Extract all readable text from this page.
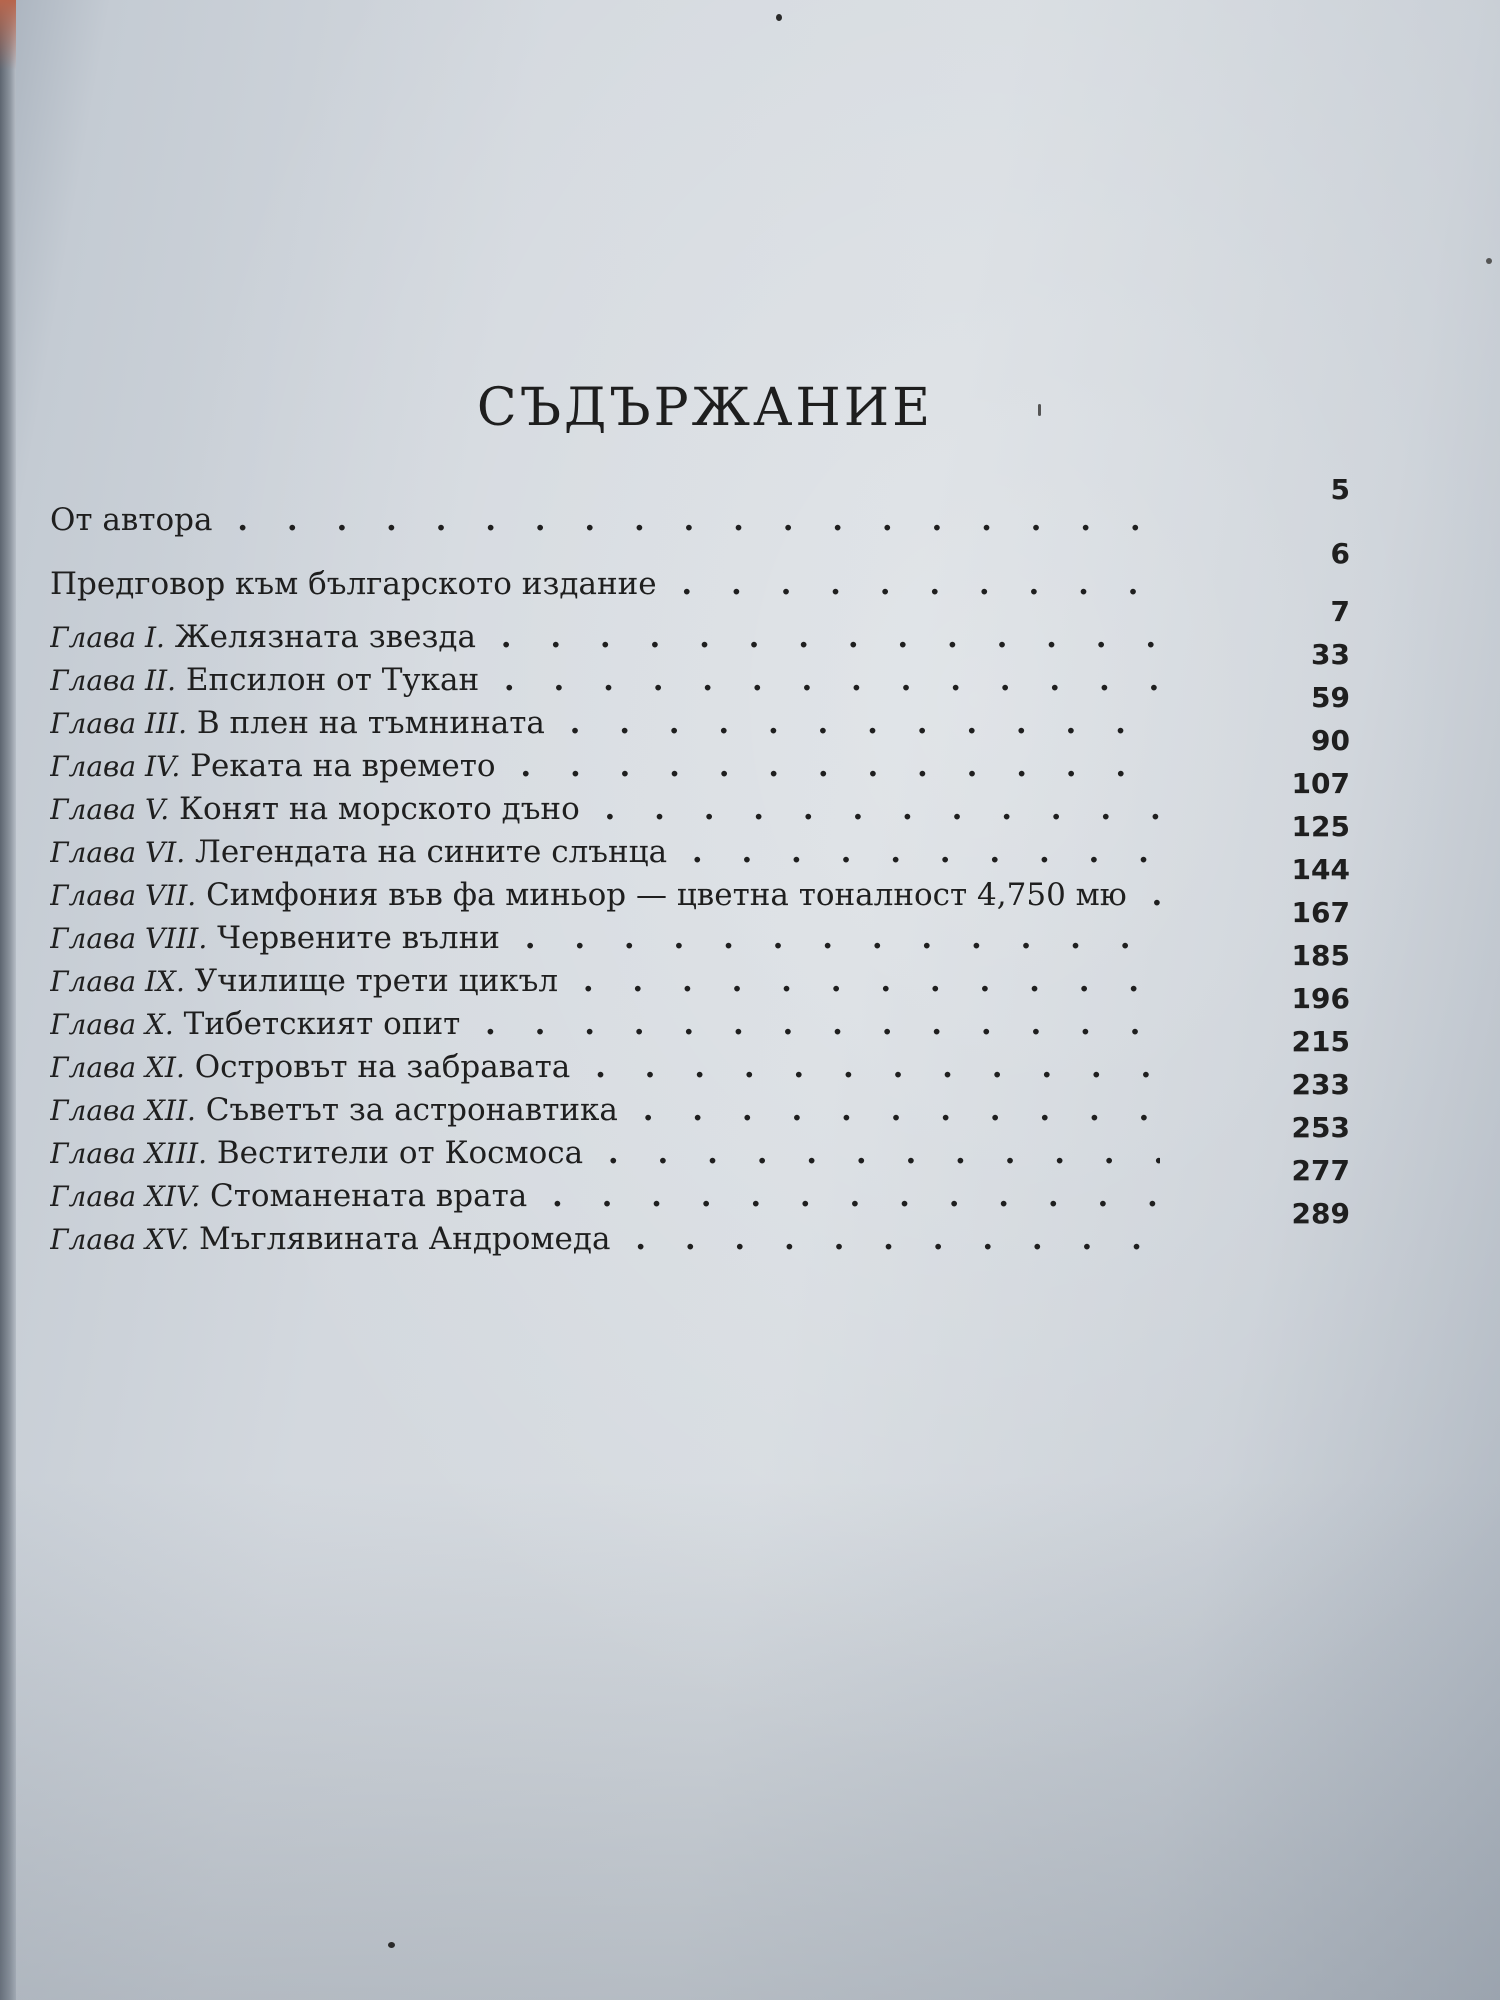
СЪДЪРЖАНИЕ
От автора . . .
5
Предговор към българското издание . . .
6
Глава I. Желязната звезда . . .
7
Глава II. Епсилон от Тукан . . .
33
Глава III. В плен на тъмнината . . .
59
Глава IV. Реката на времето . . .
90
Глава V. Конят на морското дъно . . .
107
Глава VI. Легендата на сините слънца . . .
125
Глава VII. Симфония във фа миньор — цветна тоналност 4,750 мю . . .
144
Глава VIII. Червените вълни . . .
167
Глава IX. Училище трети цикъл . . .
185
Глава X. Тибетският опит . . .
196
Глава XI. Островът на забравата . . .
215
Глава XII. Съветът за астронавтика . . .
233
Глава XIII. Вестители от Космоса . . .
253
Глава XIV. Стоманената врата . . .
277
Глава XV. Мъглявината Андромеда . . .
289
